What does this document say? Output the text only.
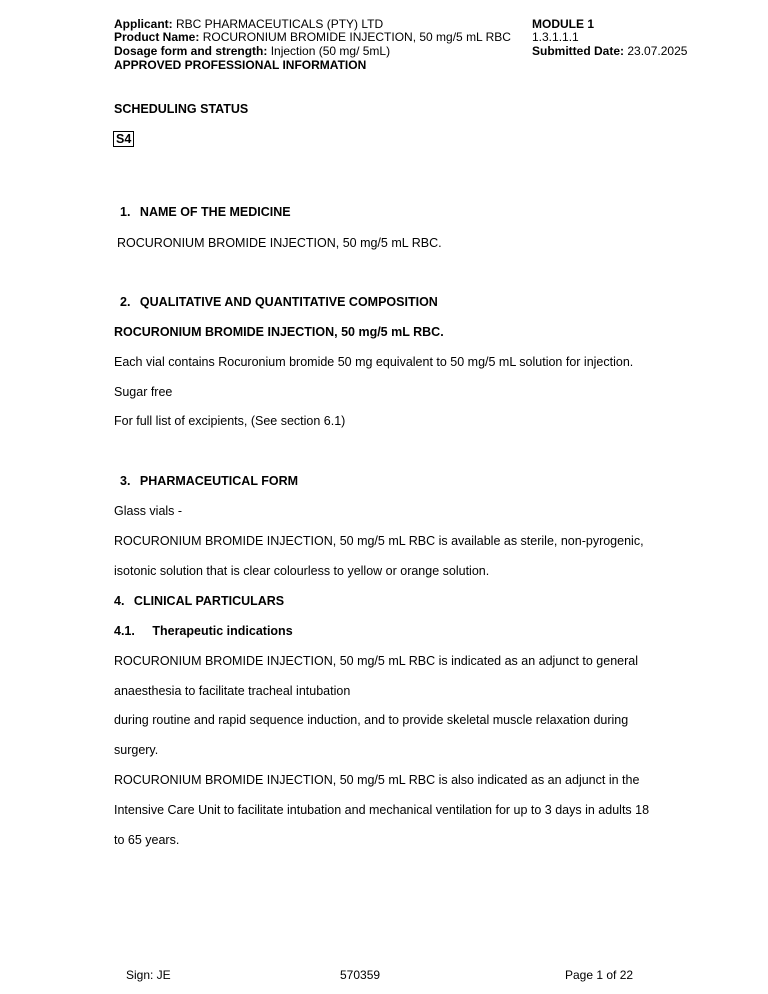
Applicant: RBC PHARMACEUTICALS (PTY) LTD
Product Name: ROCURONIUM BROMIDE INJECTION, 50 mg/5 mL RBC
Dosage form and strength: Injection (50 mg/ 5mL)
APPROVED PROFESSIONAL INFORMATION
MODULE 1
1.3.1.1.1
Submitted Date: 23.07.2025
SCHEDULING STATUS
S4
1. NAME OF THE MEDICINE
ROCURONIUM BROMIDE INJECTION, 50 mg/5 mL RBC.
2. QUALITATIVE AND QUANTITATIVE COMPOSITION
ROCURONIUM BROMIDE INJECTION, 50 mg/5 mL RBC.
Each vial contains Rocuronium bromide 50 mg equivalent to 50 mg/5 mL solution for injection.
Sugar free
For full list of excipients, (See section 6.1)
3. PHARMACEUTICAL FORM
Glass vials -
ROCURONIUM BROMIDE INJECTION, 50 mg/5 mL RBC is available as sterile, non-pyrogenic,
isotonic solution that is clear colourless to yellow or orange solution.
4. CLINICAL PARTICULARS
4.1. Therapeutic indications
ROCURONIUM BROMIDE INJECTION, 50 mg/5 mL RBC is indicated as an adjunct to general
anaesthesia to facilitate tracheal intubation
during routine and rapid sequence induction, and to provide skeletal muscle relaxation during
surgery.
ROCURONIUM BROMIDE INJECTION, 50 mg/5 mL RBC is also indicated as an adjunct in the
Intensive Care Unit to facilitate intubation and mechanical ventilation for up to 3 days in adults 18
to 65 years.
Sign: JE	570359	Page 1 of 22
